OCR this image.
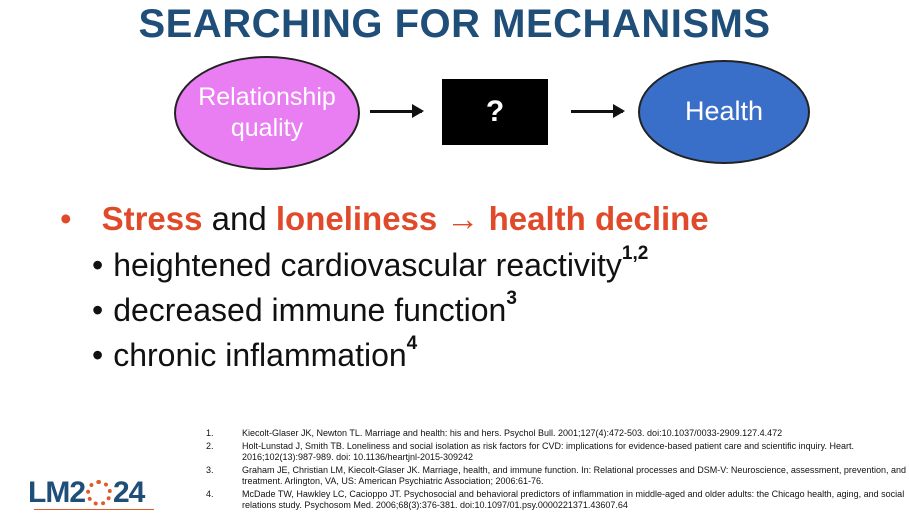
SEARCHING FOR MECHANISMS
Relationship
quality	?	Health
• Stress and loneliness → health decline
• heightened cardiovascular reactivity$^{1,2}$
• decreased immune function$^3$
• chronic inflammation$^4$
1.	Kiecolt-Glaser JK, Newton TL. Marriage and health: his and hers. Psychol Bull. 2001;127(4):472-503. doi:10.1037/0033-2909.127.4.472
2.	Holt-Lunstad J, Smith TB. Loneliness and social isolation as risk factors for CVD: implications for evidence-based patient care and scientific inquiry. Heart. 2016;102(13):987-989. doi: 10.1136/heartjnl-2015-309242
3.	Graham JE, Christian LM, Kiecolt-Glaser JK. Marriage, health, and immune function. In: Relational processes and DSM-V: Neuroscience, assessment, prevention, and treatment. Arlington, VA, US: American Psychiatric Association; 2006:61-76.
4.	McDade TW, Hawkley LC, Cacioppo JT. Psychosocial and behavioral predictors of inflammation in middle-aged and older adults: the Chicago health, aging, and social relations study. Psychosom Med. 2006;68(3):376-381. doi:10.1097/01.psy.0000221371.43607.64
LM2 24
